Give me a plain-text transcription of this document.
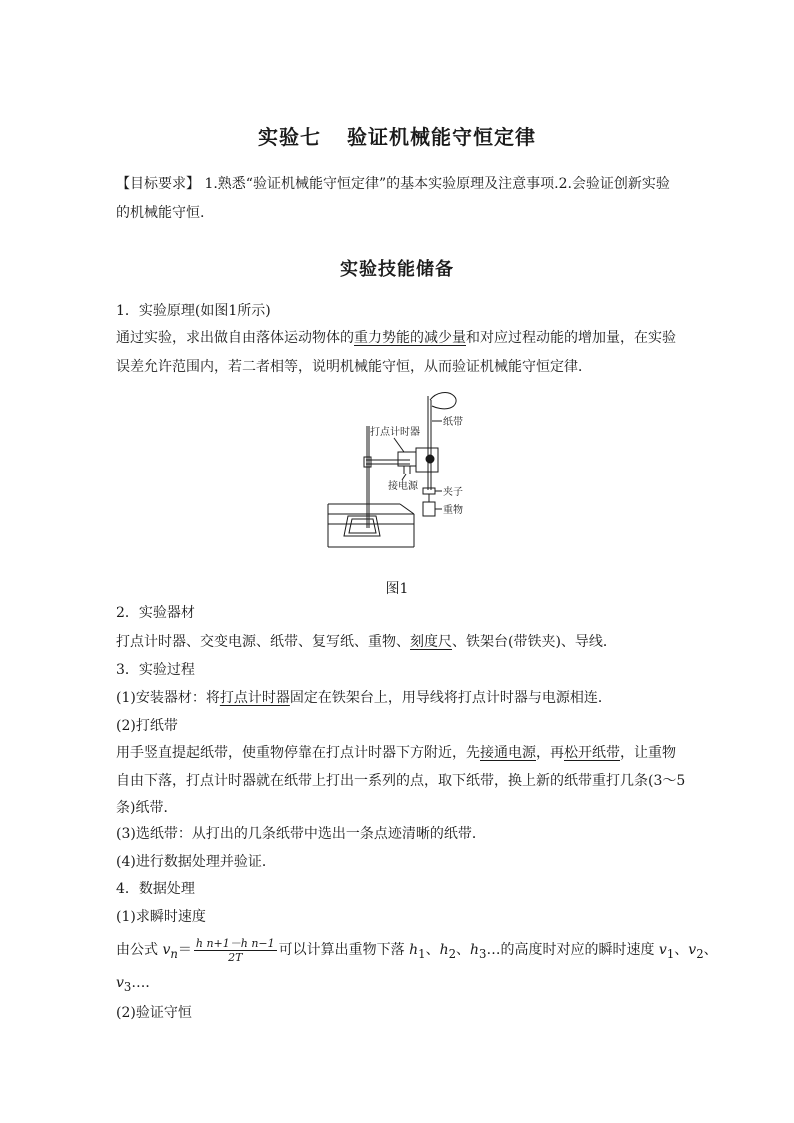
实验七 验证机械能守恒定律

【目标要求】 1.熟悉“验证机械能守恒定律”的基本实验原理及注意事项.2.会验证创新实验的机械能守恒.

实验技能储备
1．实验原理(如图1所示)

通过实验，求出做自由落体运动物体的重力势能的减少量和对应过程动能的增加量，在实验误差允许范围内，若二者相等，说明机械能守恒，从而验证机械能守恒定律．

打点计时器
纸带
接电源
夹子
重物
图1
2．实验器材
打点计时器、交变电源、纸带、复写纸、重物、刻度尺、铁架台(带铁夹)、导线．
3．实验过程
(1)安装器材：将打点计时器固定在铁架台上，用导线将打点计时器与电源相连．
(2)打纸带
用手竖直提起纸带，使重物停靠在打点计时器下方附近，先接通电源，再松开纸带，让重物
自由下落，打点计时器就在纸带上打出一系列的点，取下纸带，换上新的纸带重打几条(3～5
条)纸带．
(3)选纸带：从打出的几条纸带中选出一条点迹清晰的纸带．
(4)进行数据处理并验证．
4．数据处理
(1)求瞬时速度
由公式 $v_n= \frac{\text{h n+1－h n−1}}{2T}$ 可以计算出重物下落 $h_1$、$h_2$、$h_3\dots$的高度时对应的瞬时速度 $v_1$、$v_2$、
$v_3\dots$．
(2)验证守恒
